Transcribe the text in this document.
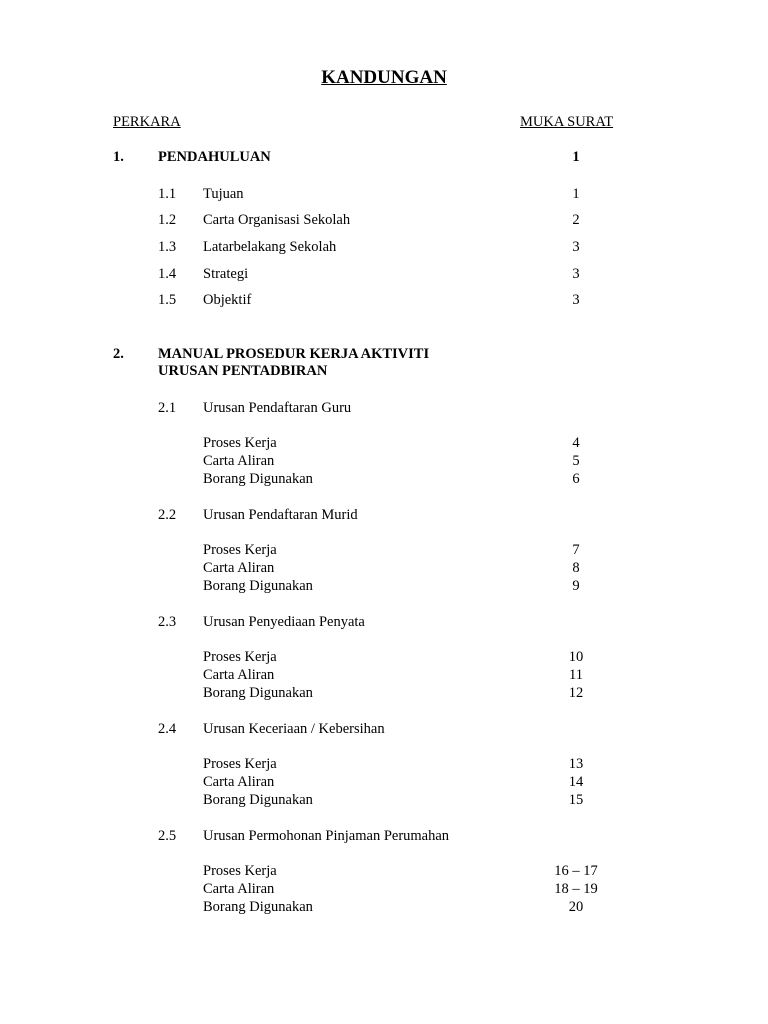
KANDUNGAN
PERKARA	MUKA SURAT
1. PENDAHULUAN	1
1.1 Tujuan	1
1.2 Carta Organisasi Sekolah	2
1.3 Latarbelakang Sekolah	3
1.4 Strategi	3
1.5 Objektif	3
2. MANUAL PROSEDUR KERJA AKTIVITI
URUSAN PENTADBIRAN
2.1 Urusan Pendaftaran Guru
Proses Kerja	4
Carta Aliran	5
Borang Digunakan	6
2.2 Urusan Pendaftaran Murid
Proses Kerja	7
Carta Aliran	8
Borang Digunakan	9
2.3 Urusan Penyediaan Penyata
Proses Kerja	10
Carta Aliran	11
Borang Digunakan	12
2.4 Urusan Keceriaan / Kebersihan
Proses Kerja	13
Carta Aliran	14
Borang Digunakan	15
2.5 Urusan Permohonan Pinjaman Perumahan
Proses Kerja	16 – 17
Carta Aliran	18 – 19
Borang Digunakan	20
